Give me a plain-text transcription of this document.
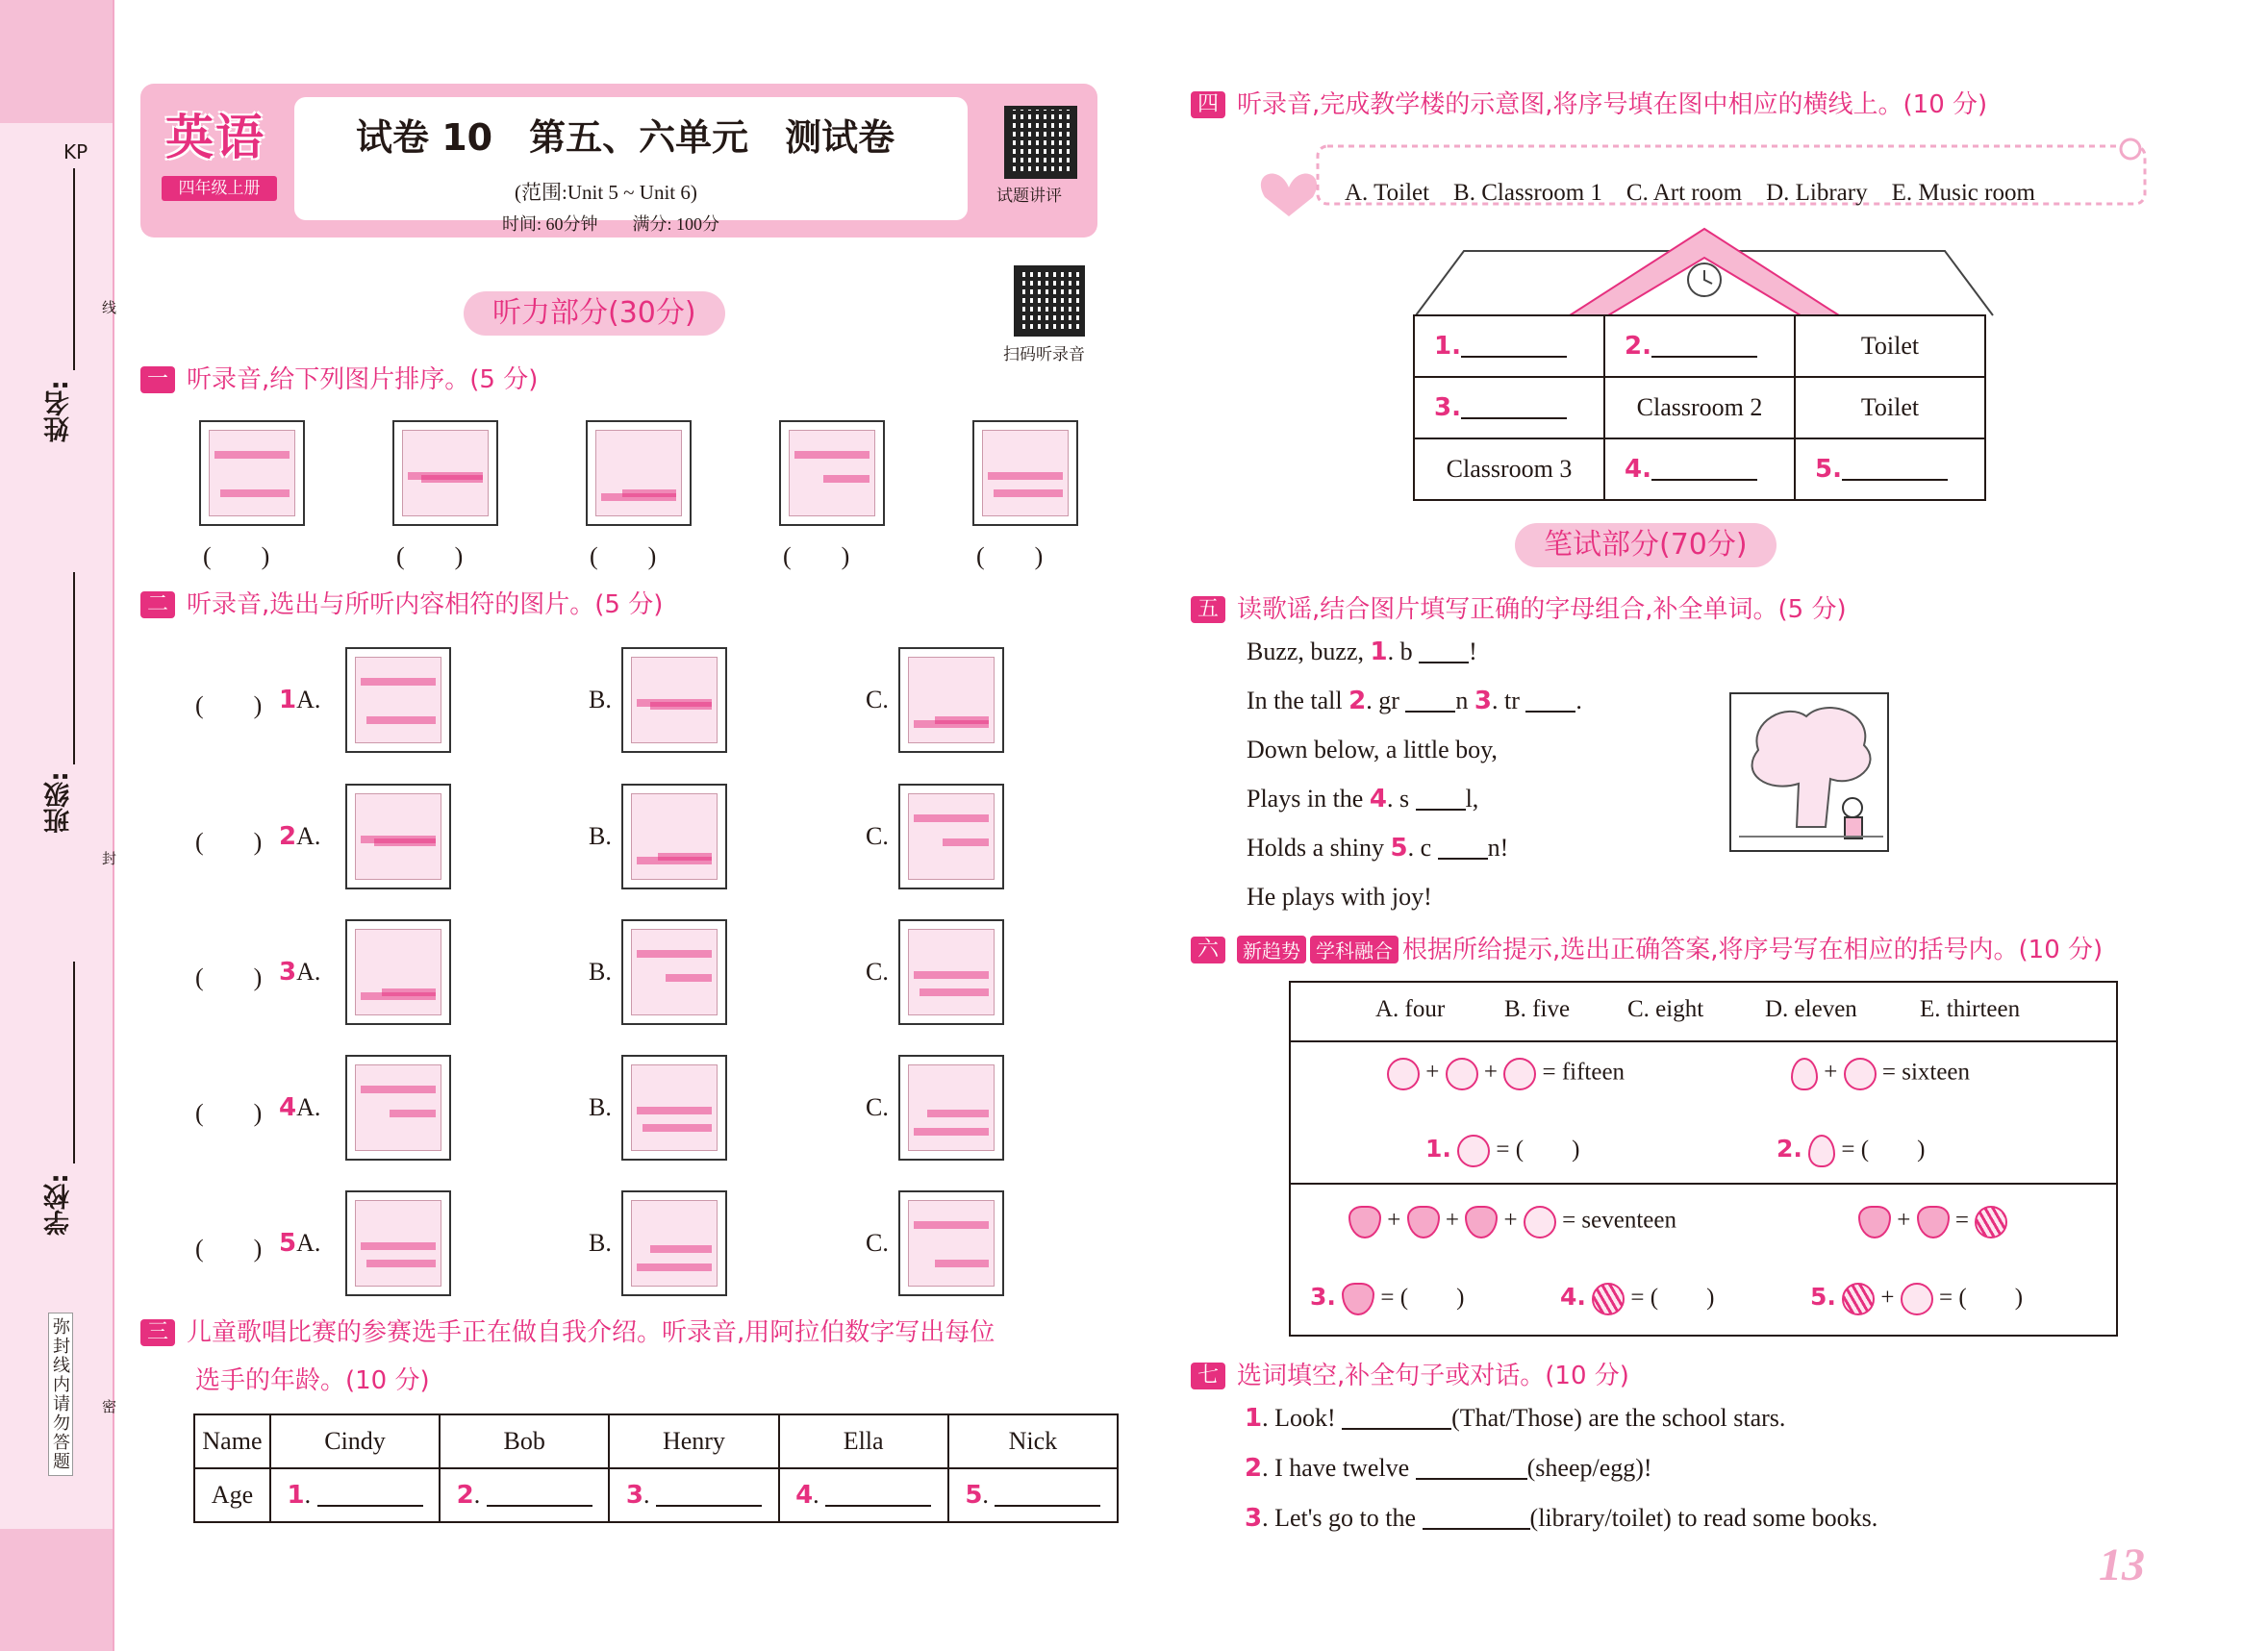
KP
姓名:
班级:
学校:
线
封
密
弥封线内请勿答题
英语
四年级上册
试卷 10　第五、六单元　测试卷
(范围:Unit 5 ~ Unit 6)
时间: 60分钟　　满分: 100分
试题讲评
听力部分(30分)
扫码听录音
一 听录音,给下列图片排序。(5 分)
(　　)	(　　)	(　　)	(　　)	(　　)
二 听录音,选出与所听内容相符的图片。(5 分)
(　　) 1A.	B.	C.
(　　) 2A.	B.	C.
(　　) 3A.	B.	C.
(　　) 4A.	B.	C.
(　　) 5A.	B.	C.
三 儿童歌唱比赛的参赛选手正在做自我介绍。听录音,用阿拉伯数字写出每位
选手的年龄。(10 分)
Name	Cindy	Bob	Henry	Ella	Nick
Age	1.	2.	3.	4.	5.
四 听录音,完成教学楼的示意图,将序号填在图中相应的横线上。(10 分)
A. Toilet　B. Classroom 1　C. Art room　D. Library　E. Music room
1.	2.	Toilet
3.	Classroom 2	Toilet
Classroom 3	4.	5.
笔试部分(70分)
五 读歌谣,结合图片填写正确的字母组合,补全单词。(5 分)
Buzz, buzz, 1. b !
In the tall 2. gr n 3. tr .
Down below, a little boy,
Plays in the 4. s l,
Holds a shiny 5. c n!
He plays with joy!
六 新趋势 学科融合 根据所给提示,选出正确答案,将序号写在相应的括号内。(10 分)
A. four B. five C. eight	D. eleven	E. thirteen
+  +  = fifteen	+  = sixteen
1. = (　　)	2. = (　　)
+  +  +  = seventeen	+  =
3. = (　　)	4. = (　　)	5.  +  = (　　)
七 选词填空,补全句子或对话。(10 分)
1. Look!	(That/Those) are the school stars.
2. I have twelve	(sheep/egg)!
3. Let's go to the	(library/toilet) to read some books.
13
